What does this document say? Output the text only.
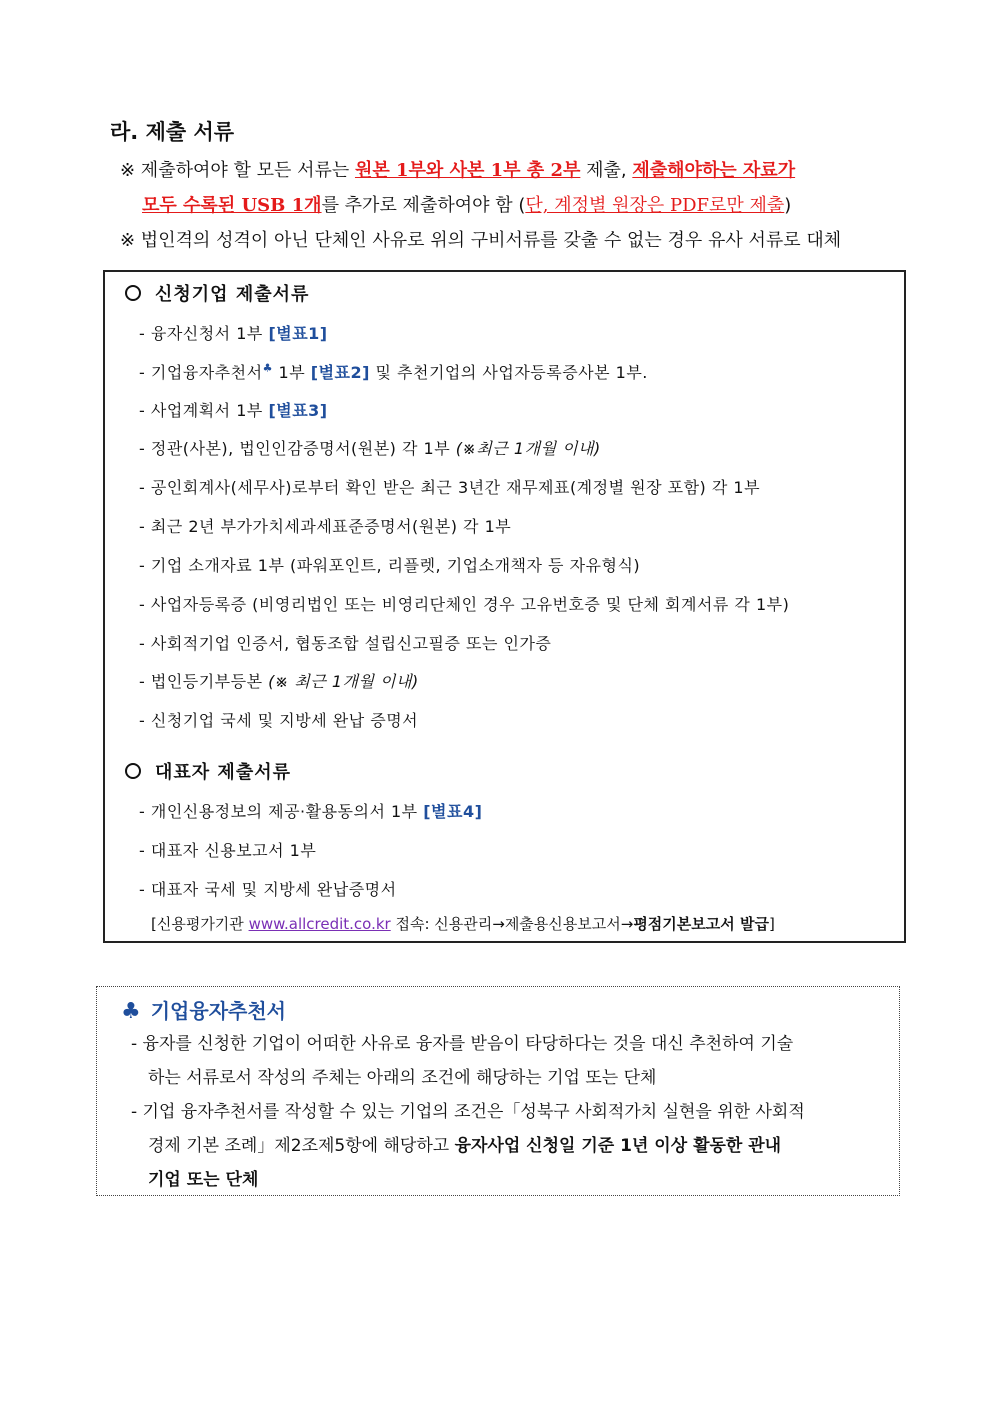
라. 제출 서류
※ 제출하여야 할 모든 서류는 원본 1부와 사본 1부 총 2부 제출, 제출해야하는 자료가
모두 수록된 USB 1개를 추가로 제출하여야 함 (단, 계정별 원장은 PDF로만 제출)
※ 법인격의 성격이 아닌 단체인 사유로 위의 구비서류를 갖출 수 없는 경우 유사 서류로 대체
신청기업 제출서류
- 융자신청서 1부 [별표1]
- 기업융자추천서♣ 1부 [별표2] 및 추천기업의 사업자등록증사본 1부.
- 사업계획서 1부 [별표3]
- 정관(사본), 법인인감증명서(원본) 각 1부 (※최근 1개월 이내)
- 공인회계사(세무사)로부터 확인 받은 최근 3년간 재무제표(계정별 원장 포함) 각 1부
- 최근 2년 부가가치세과세표준증명서(원본) 각 1부
- 기업 소개자료 1부 (파워포인트, 리플렛, 기업소개책자 등 자유형식)
- 사업자등록증 (비영리법인 또는 비영리단체인 경우 고유번호증 및 단체 회계서류 각 1부)
- 사회적기업 인증서, 협동조합 설립신고필증 또는 인가증
- 법인등기부등본 (※ 최근 1개월 이내)
- 신청기업 국세 및 지방세 완납 증명서
대표자 제출서류
- 개인신용정보의 제공·활용동의서 1부 [별표4]
- 대표자 신용보고서 1부
- 대표자 국세 및 지방세 완납증명서
[신용평가기관 www.allcredit.co.kr 접속: 신용관리→제출용신용보고서→평점기본보고서 발급]
♣ 기업융자추천서
- 융자를 신청한 기업이 어떠한 사유로 융자를 받음이 타당하다는 것을 대신 추천하여 기술
하는 서류로서 작성의 주체는 아래의 조건에 해당하는 기업 또는 단체
- 기업 융자추천서를 작성할 수 있는 기업의 조건은「성북구 사회적가치 실현을 위한 사회적
경제 기본 조례」제2조제5항에 해당하고 융자사업 신청일 기준 1년 이상 활동한 관내
기업 또는 단체
